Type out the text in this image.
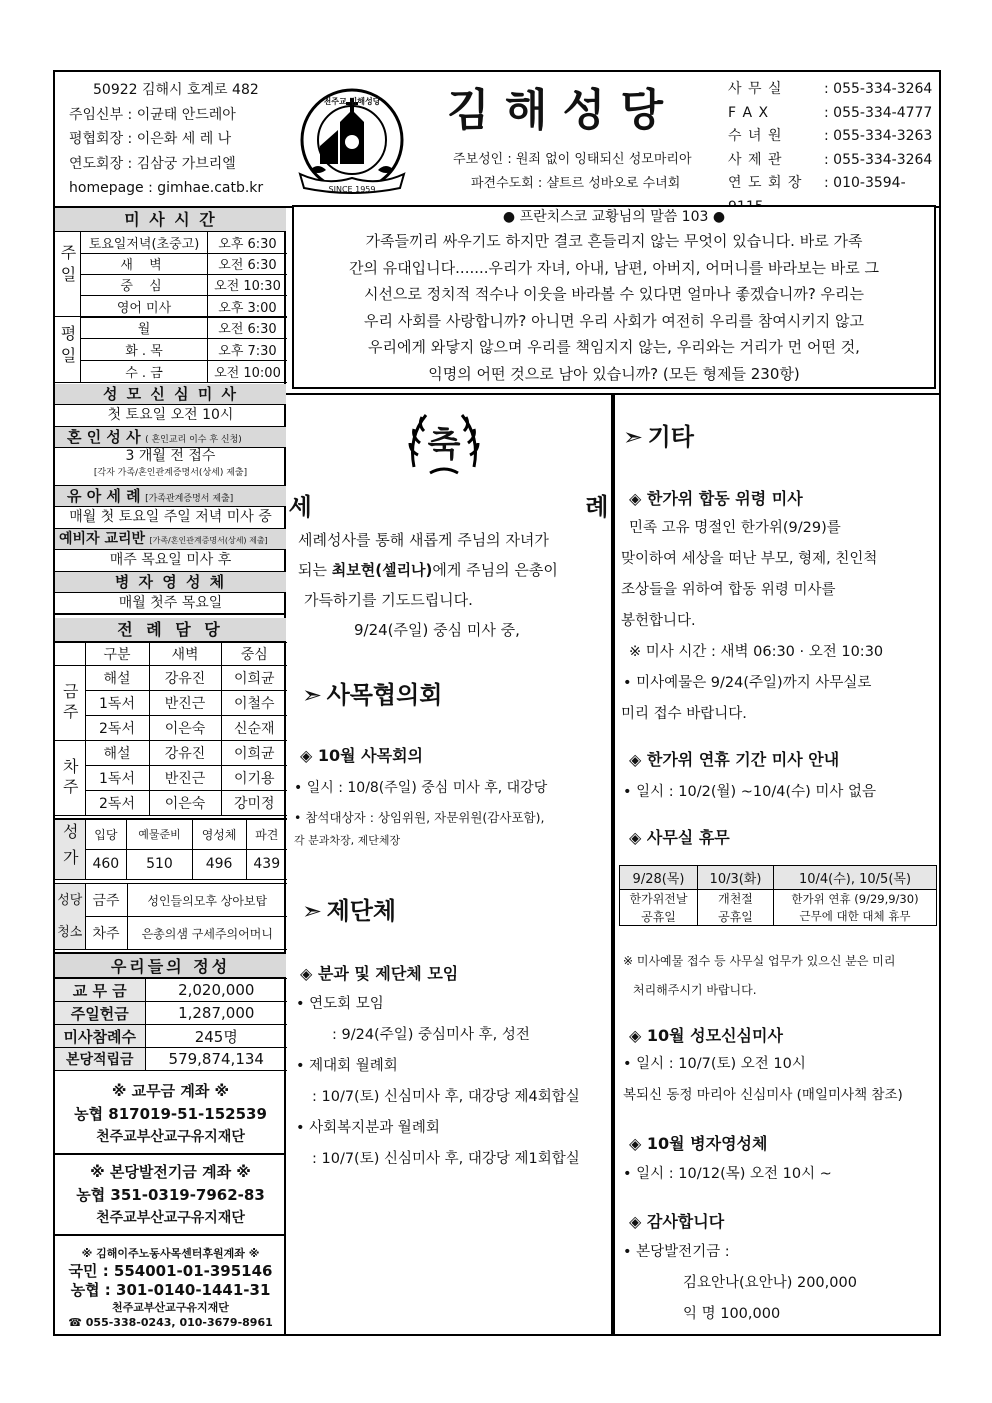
50922 김해시 호계로 482
주임신부 : 이균태 안드레아
평협회장 : 이은화 세 레 나
연도회장 : 김삼궁 가브리엘
homepage : gimhae.catb.kr
천주교 김해성당
SINCE 1959
김 해 성 당
주보성인 : 원죄 없이 잉태되신 성모마리아
파견수도회 : 샬트르 성바오로 수녀회
사 무 실	: 055-334-3264
F A X	: 055-334-4777
수 녀 원	: 055-334-3263
사 제 관	: 055-334-3264
연 도 회 장 : 010-3594-
미 사 시 간
주일 토요일저녁(초중고)	오후 6:30
새 벽	오전 6:30
중 심	오전 10:30
영어 미사	오후 3:00
평일	월	오전 6:30
화 . 목	오후 7:30
수 . 금	오전 10:00
성 모 신 심 미 사
첫 토요일 오전 10시
혼 인 성 사 ( 혼인교리 이수 후 신청)
3 개월 전 접수
[각자 가족/혼인관계증명서(상세) 제출]
유 아 세 례 [가족관계증명서 제출]
매월 첫 토요일 주일 저녁 미사 중
예비자 교리반 [가족/혼인관계증명서(상세) 제출]
매주 목요일 미사 후
병 자 영 성 체
매월 첫주 목요일
전 례 담 당
	구분	새벽	중심

금주	해설	강유진	이희균
	1독서	반진근	이철수
	2독서	이은숙	신순재

차주	해설	강유진	이희균
	1독서	반진근	이기용
	2독서	이은숙	강미정
성가	입당	예물준비	영성체	파견
	460	510	496	439
성당청소	금주	성인들의모후 상아보탑
	차주	은총의샘 구세주의어머니
우리들의 정성
교 무 금	2,020,000
주일헌금	1,287,000
미사참례수	245명
본당적립금	579,874,134
※ 교무금 계좌 ※
농협 817019-51-152539
천주교부산교구유지재단
※ 본당발전기금 계좌 ※
농협 351-0319-7962-83
천주교부산교구유지재단
※ 김해이주노동사목센터후원계좌 ※
국민 : 554001-01-395146
농협 : 301-0140-1441-31
천주교부산교구유지재단
☎ 055-338-0243, 010-3679-8961
● 프란치스코 교황님의 말씀 103 ●
가족들끼리 싸우기도 하지만 결코 흔들리지 않는 무엇이 있습니다. 바로 가족
간의 유대입니다.......우리가 자녀, 아내, 남편, 아버지, 어머니를 바라보는 바로 그
시선으로 정치적 적수나 이웃을 바라볼 수 있다면 얼마나 좋겠습니까? 우리는
우리 사회를 사랑합니까? 아니면 우리 사회가 여전히 우리를 참여시키지 않고
우리에게 와닿지 않으며 우리를 책임지지 않는, 우리와는 거리가 먼 어떤 것,
익명의 어떤 것으로 남아 있습니까? (모든 형제들 230항)
축
세    례
세례성사를 통해 새롭게 주님의 자녀가
되는 최보현(셀리나)에게 주님의 은총이
가득하기를 기도드립니다.
9/24(주일) 중심 미사 중,
➣ 사목협의회
◈ 10월 사목회의
• 일시 : 10/8(주일) 중심 미사 후, 대강당
• 참석대상자 : 상임위원, 자문위원(감사포함),
각 분과차장, 제단체장
➣ 제단체
◈ 분과 및 제단체 모임
• 연도회 모임
: 9/24(주일) 중심미사 후, 성전
• 제대회 월례회
: 10/7(토) 신심미사 후, 대강당 제4회합실
• 사회복지분과 월례회
: 10/7(토) 신심미사 후, 대강당 제1회합실
➣ 기타
◈ 한가위 합동 위령 미사
민족 고유 명절인 한가위(9/29)를
맞이하여 세상을 떠난 부모, 형제, 친인척
조상들을 위하여 합동 위령 미사를
봉헌합니다.
※ 미사 시간 : 새벽 06:30 · 오전 10:30
• 미사예물은 9/24(주일)까지 사무실로
미리 접수 바랍니다.
◈ 한가위 연휴 기간 미사 안내
• 일시 : 10/2(월) ~10/4(수) 미사 없음
◈ 사무실 휴무
9/28(목)	10/3(화)	10/4(수), 10/5(목)
한가위전날	개천절	한가위 연휴 (9/29,9/30)
공휴일	공휴일	근무에 대한 대체 휴무
※ 미사예물 접수 등 사무실 업무가 있으신 분은 미리
처리해주시기 바랍니다.
◈ 10월 성모신심미사
• 일시 : 10/7(토) 오전 10시
복되신 동정 마리아 신심미사 (매일미사책 참조)
◈ 10월 병자영성체
• 일시 : 10/12(목) 오전 10시 ~
◈ 감사합니다
• 본당발전기금 :
김요안나(요안나) 200,000
익 명 100,000
